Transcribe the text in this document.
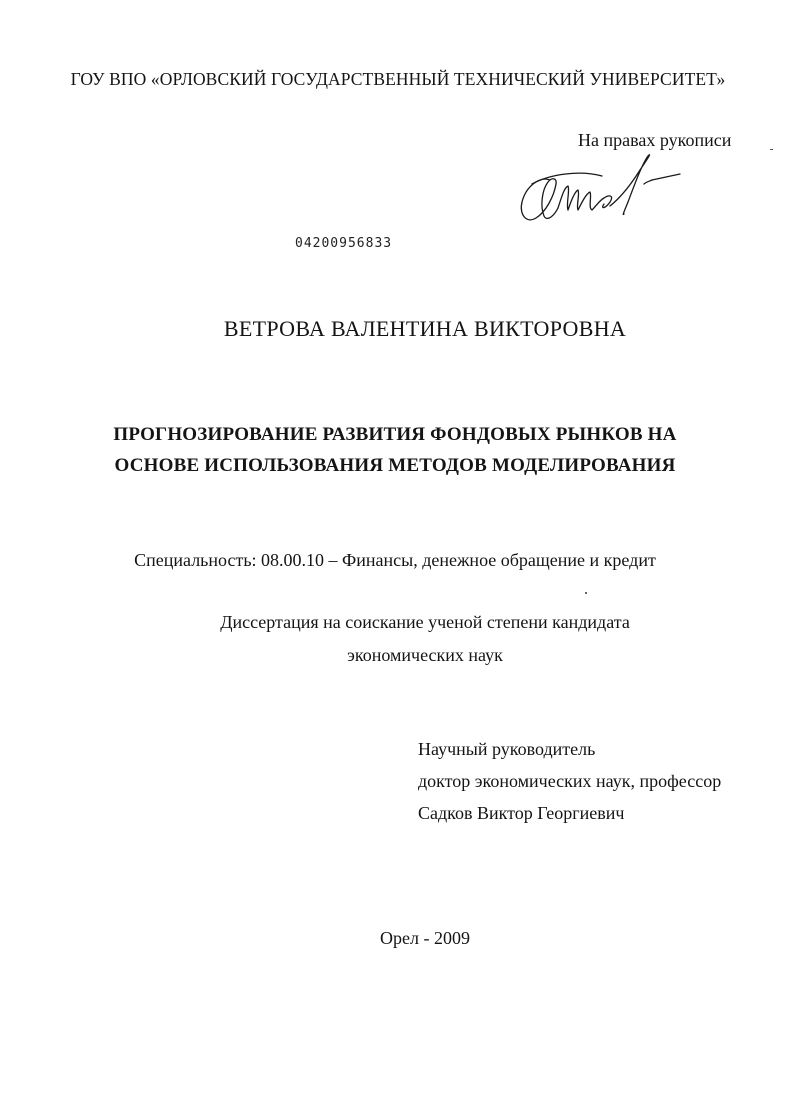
ГОУ ВПО «ОРЛОВСКИЙ ГОСУДАРСТВЕННЫЙ ТЕХНИЧЕСКИЙ УНИВЕРСИТЕТ»
На правах рукописи
04200956833
ВЕТРОВА ВАЛЕНТИНА ВИКТОРОВНА
ПРОГНОЗИРОВАНИЕ РАЗВИТИЯ ФОНДОВЫХ РЫНКОВ НА
ОСНОВЕ ИСПОЛЬЗОВАНИЯ МЕТОДОВ МОДЕЛИРОВАНИЯ
Специальность: 08.00.10 – Финансы, денежное обращение и кредит
Диссертация на соискание ученой степени кандидата
экономических наук
Научный руководитель
доктор экономических наук, профессор
Садков Виктор Георгиевич
Орел - 2009
